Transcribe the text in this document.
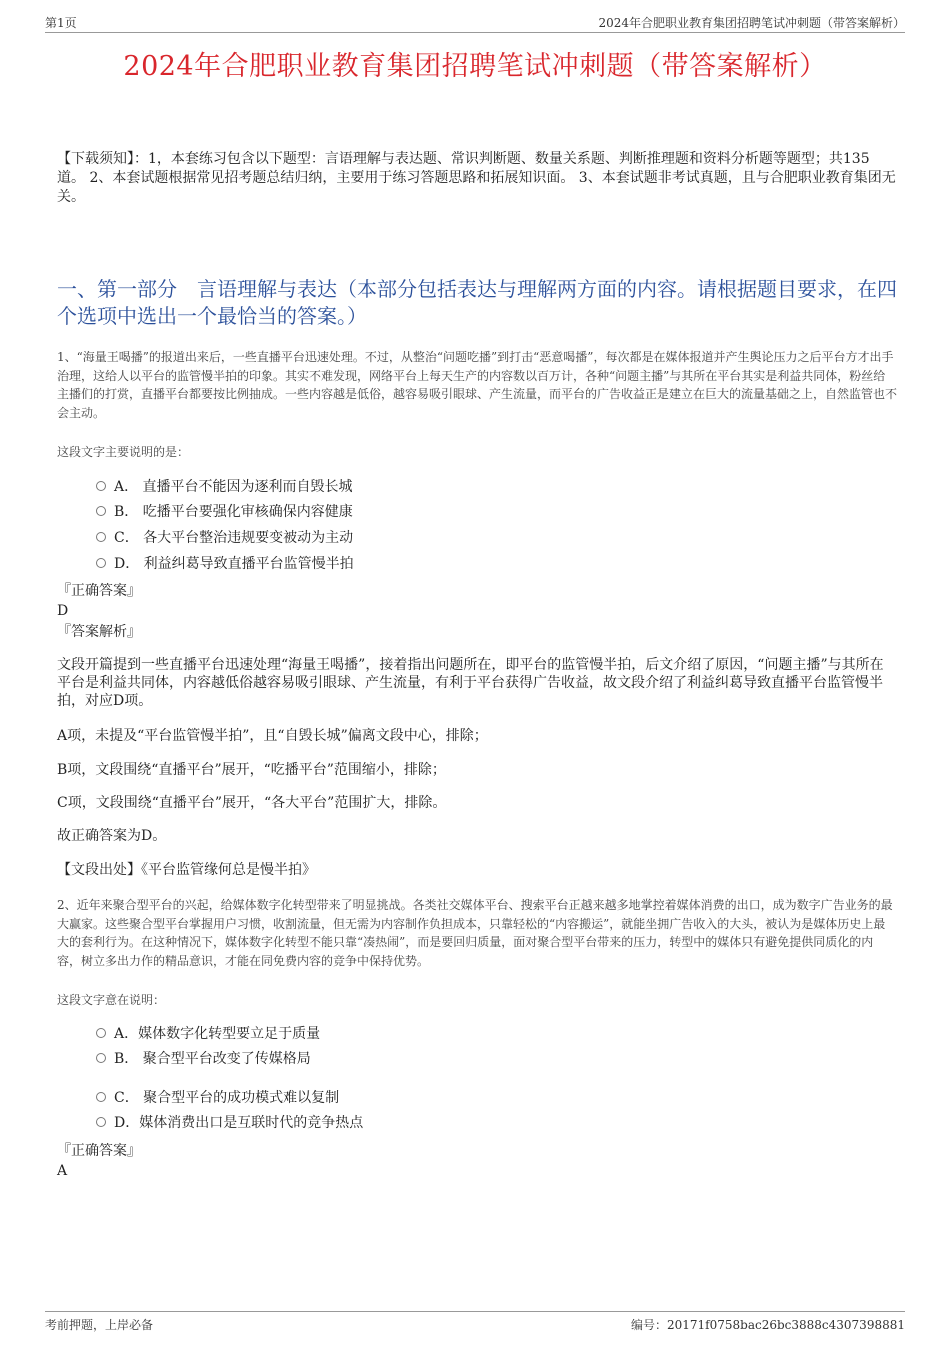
第1页	2024年合肥职业教育集团招聘笔试冲刺题（带答案解析）
2024年合肥职业教育集团招聘笔试冲刺题（带答案解析）
【下载须知】：1，本套练习包含以下题型：言语理解与表达题、常识判断题、数量关系题、判断推理题和资料分析题等题型；共135道。 2、本套试题根据常见招考题总结归纳，主要用于练习答题思路和拓展知识面。 3、本套试题非考试真题，且与合肥职业教育集团无关。
一、第一部分　言语理解与表达（本部分包括表达与理解两方面的内容。请根据题目要求，在四个选项中选出一个最恰当的答案。）
1、“海量王喝播”的报道出来后，一些直播平台迅速处理。不过，从整治“问题吃播”到打击“恶意喝播”，每次都是在媒体报道并产生舆论压力之后平台方才出手治理，这给人以平台的监管慢半拍的印象。其实不难发现，网络平台上每天生产的内容数以百万计，各种“问题主播”与其所在平台其实是利益共同体，粉丝给主播们的打赏，直播平台都要按比例抽成。一些内容越是低俗，越容易吸引眼球、产生流量，而平台的广告收益正是建立在巨大的流量基础之上，自然监管也不会主动。
这段文字主要说明的是：
A． 直播平台不能因为逐利而自毁长城
B． 吃播平台要强化审核确保内容健康
C． 各大平台整治违规要变被动为主动
D． 利益纠葛导致直播平台监管慢半拍
『正确答案』
D
『答案解析』
文段开篇提到一些直播平台迅速处理“海量王喝播”，接着指出问题所在，即平台的监管慢半拍，后文介绍了原因，“问题主播”与其所在平台是利益共同体，内容越低俗越容易吸引眼球、产生流量，有利于平台获得广告收益，故文段介绍了利益纠葛导致直播平台监管慢半拍，对应D项。
A项，未提及“平台监管慢半拍”，且“自毁长城”偏离文段中心，排除；
B项，文段围绕“直播平台”展开，“吃播平台”范围缩小，排除；
C项，文段围绕“直播平台”展开，“各大平台”范围扩大，排除。
故正确答案为D。
【文段出处】《平台监管缘何总是慢半拍》
2、近年来聚合型平台的兴起，给媒体数字化转型带来了明显挑战。各类社交媒体平台、搜索平台正越来越多地掌控着媒体消费的出口，成为数字广告业务的最大赢家。这些聚合型平台掌握用户习惯，收割流量，但无需为内容制作负担成本，只靠轻松的“内容搬运”，就能坐拥广告收入的大头，被认为是媒体历史上最大的套利行为。在这种情况下，媒体数字化转型不能只靠“凑热闹”，而是要回归质量，面对聚合型平台带来的压力，转型中的媒体只有避免提供同质化的内容，树立多出力作的精品意识，才能在同免费内容的竞争中保持优势。
这段文字意在说明：
A．媒体数字化转型要立足于质量
B． 聚合型平台改变了传媒格局
C． 聚合型平台的成功模式难以复制
D．媒体消费出口是互联时代的竞争热点
『正确答案』
A
考前押题，上岸必备	编号：20171f0758bac26bc3888c4307398881
